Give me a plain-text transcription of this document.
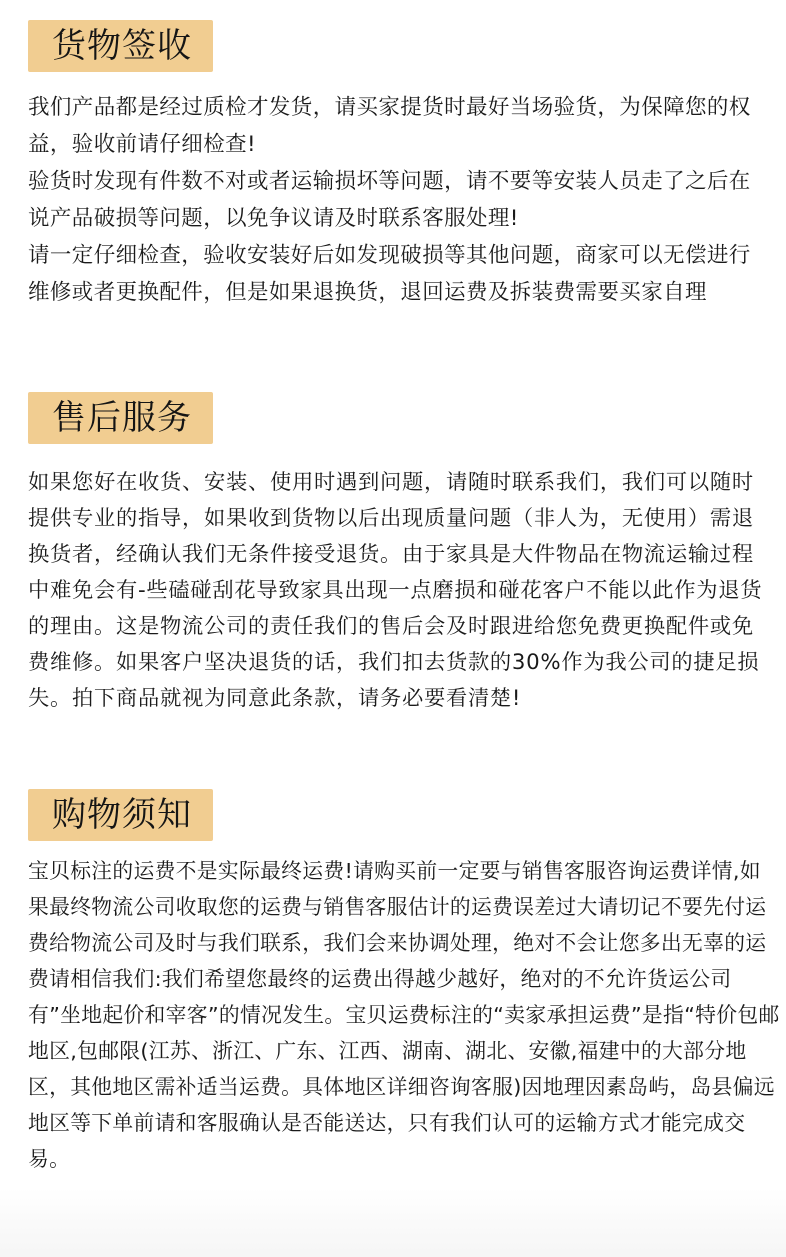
货物签收

我们产品都是经过质检才发货，请买家提货时最好当场验货，为保障您的权益，验收前请仔细检查!

验货时发现有件数不对或者运输损坏等问题，请不要等安装人员走了之后在说产品破损等问题，以免争议请及时联系客服处理!

请一定仔细检查，验收安装好后如发现破损等其他问题，商家可以无偿进行维修或者更换配件，但是如果退换货，退回运费及拆装费需要买家自理

售后服务

如果您好在收货、安装、使用时遇到问题，请随时联系我们，我们可以随时提供专业的指导，如果收到货物以后出现质量问题（非人为，无使用）需退换货者，经确认我们无条件接受退货。由于家具是大件物品在物流运输过程中难免会有-些磕碰刮花导致家具出现一点磨损和碰花客户不能以此作为退货的理由。这是物流公司的责任我们的售后会及时跟进给您免费更换配件或免费维修。如果客户坚决退货的话，我们扣去货款的30%作为我公司的捷足损失。拍下商品就视为同意此条款，请务必要看清楚!

购物须知

宝贝标注的运费不是实际最终运费!请购买前一定要与销售客服咨询运费详情,如果最终物流公司收取您的运费与销售客服估计的运费误差过大请切记不要先付运费给物流公司及时与我们联系，我们会来协调处理，绝对不会让您多出无辜的运费请相信我们:我们希望您最终的运费出得越少越好，绝对的不允许货运公司有”坐地起价和宰客”的情况发生。宝贝运费标注的“卖家承担运费”是指“特价包邮地区,包邮限(江苏、浙江、广东、江西、湖南、湖北、安徽,福建中的大部分地区，其他地区需补适当运费。具体地区详细咨询客服)因地理因素岛屿，岛县偏远地区等下单前请和客服确认是否能送达，只有我们认可的运输方式才能完成交易。
